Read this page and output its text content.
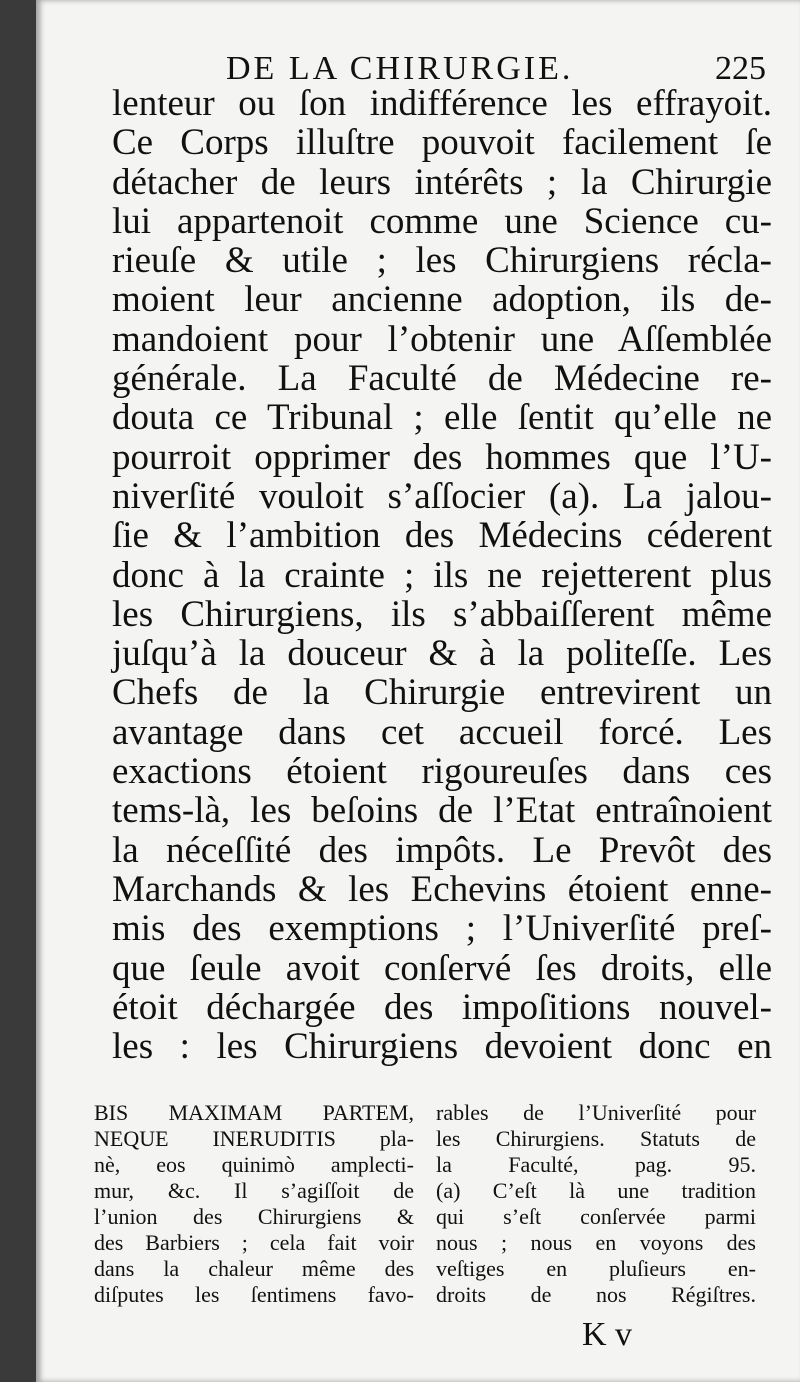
DE LA CHIRURGIE.	225
lenteur ou ſon indifférence les effrayoit.
Ce Corps illuſtre pouvoit facilement ſe
détacher de leurs intérêts ; la Chirurgie
lui appartenoit comme une Science cu-
rieuſe & utile ; les Chirurgiens récla-
moient leur ancienne adoption, ils de-
mandoient pour l’obtenir une Aſſemblée
générale. La Faculté de Médecine re-
douta ce Tribunal ; elle ſentit qu’elle ne
pourroit opprimer des hommes que l’U-
niverſité vouloit s’aſſocier (a). La jalou-
ſie & l’ambition des Médecins céderent
donc à la crainte ; ils ne rejetterent plus
les Chirurgiens, ils s’abbaiſſerent même
juſqu’à la douceur & à la politeſſe. Les
Chefs de la Chirurgie entrevirent un
avantage dans cet accueil forcé. Les
exactions étoient rigoureuſes dans ces
tems-là, les beſoins de l’Etat entraînoient
la néceſſité des impôts. Le Prevôt des
Marchands & les Echevins étoient enne-
mis des exemptions ; l’Univerſité preſ-
que ſeule avoit conſervé ſes droits, elle
étoit déchargée des impoſitions nouvel-
les : les Chirurgiens devoient donc en
BIS MAXIMAM PARTEM,
NEQUE INERUDITIS pla-
nè, eos quinimò amplecti-
mur, &c. Il s’agiſſoit de
l’union des Chirurgiens &
des Barbiers ; cela fait voir
dans la chaleur même des
diſputes les ſentimens favo-
rables de l’Univerſité pour
les Chirurgiens. Statuts de
la Faculté, pag. 95.
(a) C’eſt là une tradition
qui s’eſt conſervée parmi
nous ; nous en voyons des
veſtiges en pluſieurs en-
droits de nos Régiſtres.
K v
